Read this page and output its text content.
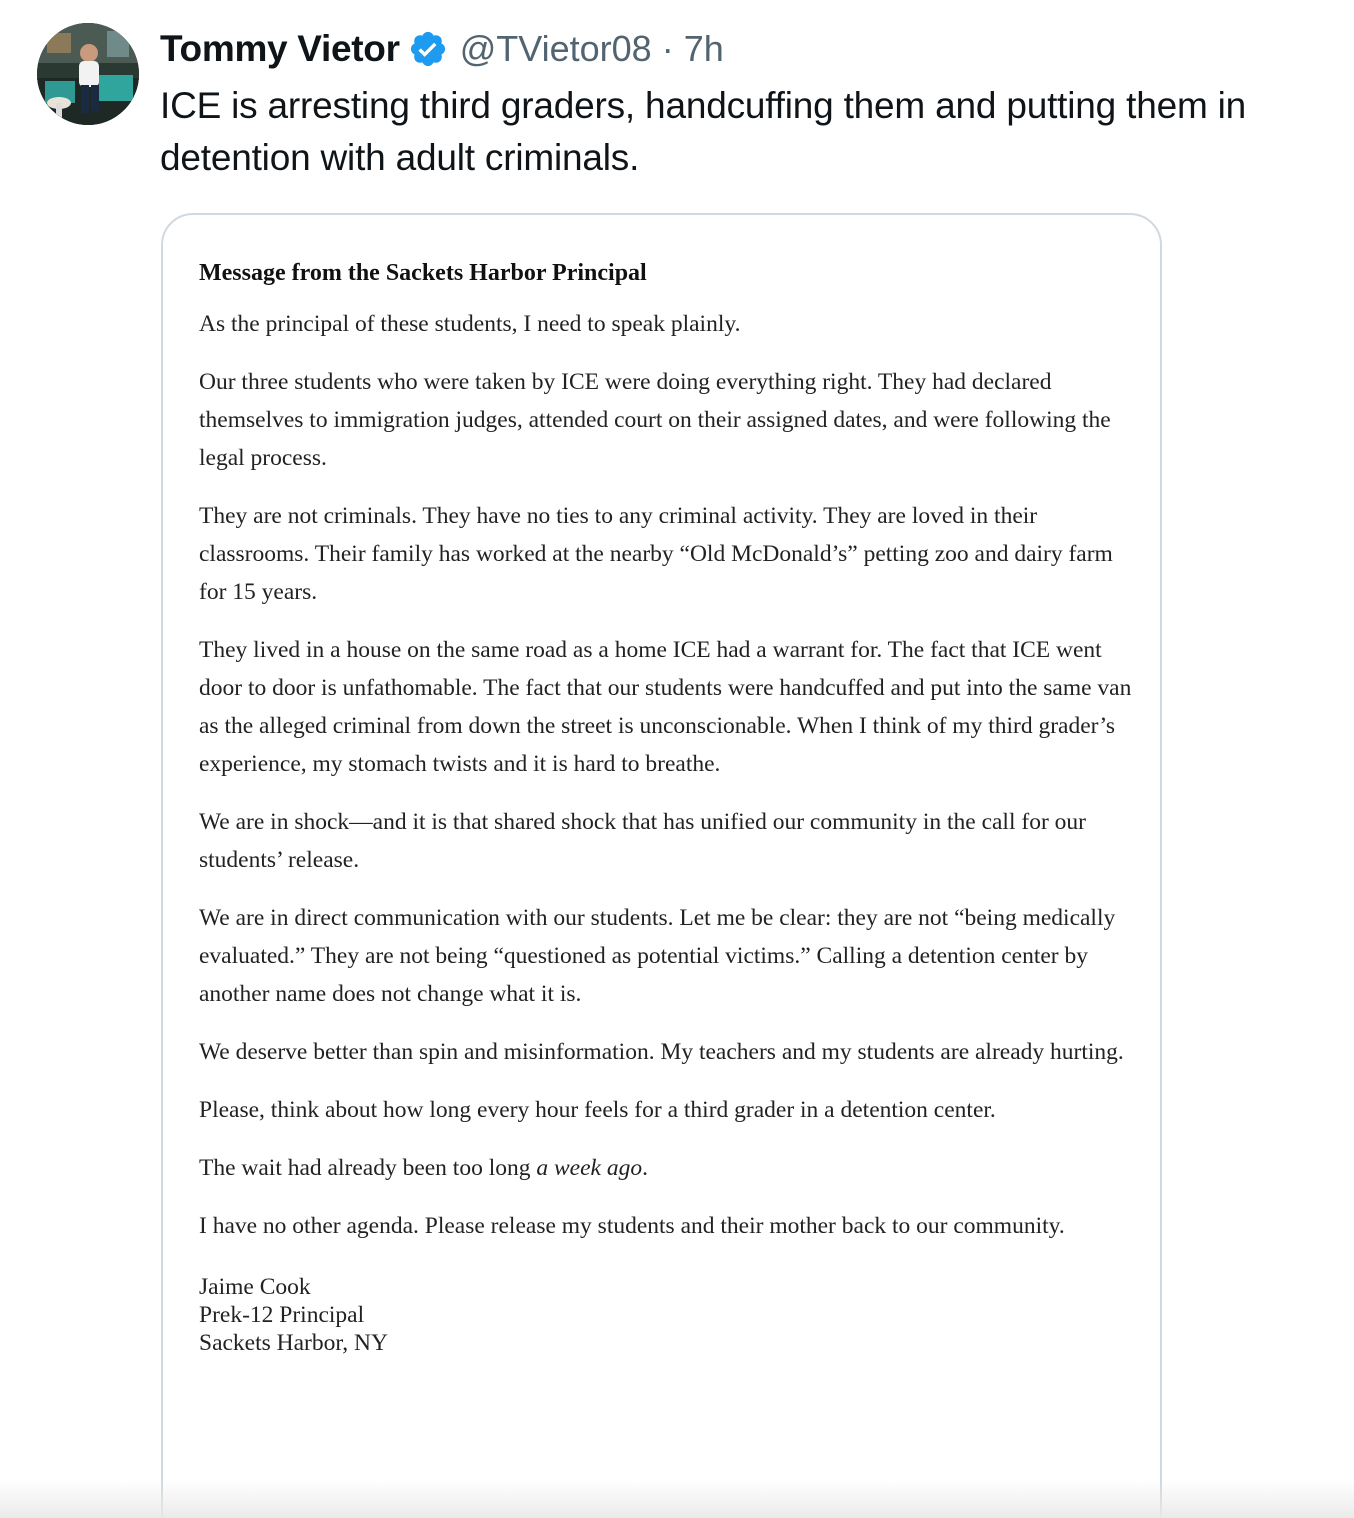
Tommy Vietor @TVietor08 · 7h
ICE is arresting third graders, handcuffing them and putting them in detention with adult criminals.
Message from the Sackets Harbor Principal
As the principal of these students, I need to speak plainly.
Our three students who were taken by ICE were doing everything right. They had declared themselves to immigration judges, attended court on their assigned dates, and were following the legal process.
They are not criminals. They have no ties to any criminal activity. They are loved in their classrooms. Their family has worked at the nearby “Old McDonald’s” petting zoo and dairy farm for 15 years.
They lived in a house on the same road as a home ICE had a warrant for. The fact that ICE went door to door is unfathomable. The fact that our students were handcuffed and put into the same van as the alleged criminal from down the street is unconscionable. When I think of my third grader’s experience, my stomach twists and it is hard to breathe.
We are in shock—and it is that shared shock that has unified our community in the call for our students’ release.
We are in direct communication with our students. Let me be clear: they are not “being medically evaluated.” They are not being “questioned as potential victims.” Calling a detention center by another name does not change what it is.
We deserve better than spin and misinformation. My teachers and my students are already hurting.
Please, think about how long every hour feels for a third grader in a detention center.
The wait had already been too long a week ago.
I have no other agenda. Please release my students and their mother back to our community.
Jaime Cook
Prek-12 Principal
Sackets Harbor, NY
